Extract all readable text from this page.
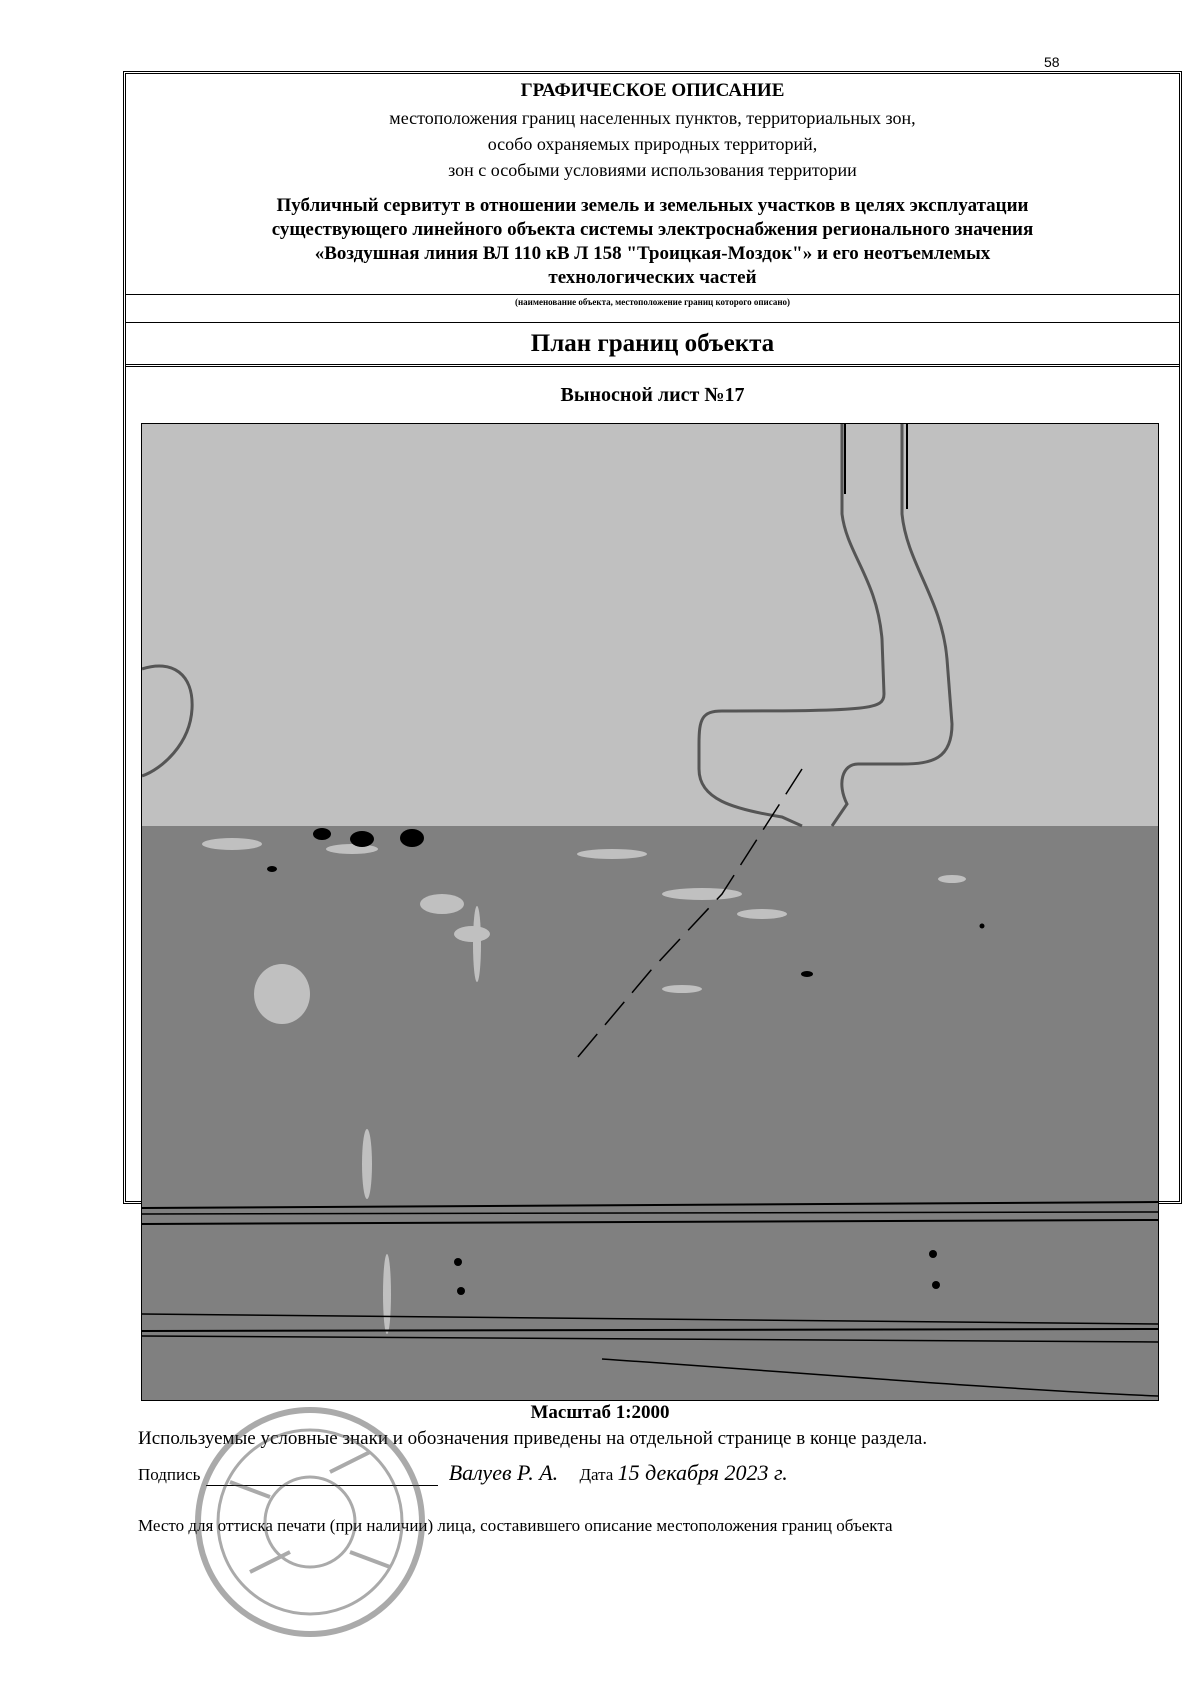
58
ГРАФИЧЕСКОЕ ОПИСАНИЕ
местоположения границ населенных пунктов, территориальных зон,
особо охраняемых природных территорий,
зон с особыми условиями использования территории
Публичный сервитут в отношении земель и земельных участков в целях эксплуатации
существующего линейного объекта системы электроснабжения регионального значения
«Воздушная линия ВЛ 110 кВ Л 158 "Троицкая-Моздок"» и его неотъемлемых
технологических частей
(наименование объекта, местоположение границ которого описано)
План границ объекта
Выносной лист №17
Масштаб 1:2000
Используемые условные знаки и обозначения приведены на отдельной странице в конце раздела.
Подпись	Валуев Р. А. Дата 15 декабря 2023 г.
Место для оттиска печати (при наличии) лица, составившего описание местоположения границ объекта
